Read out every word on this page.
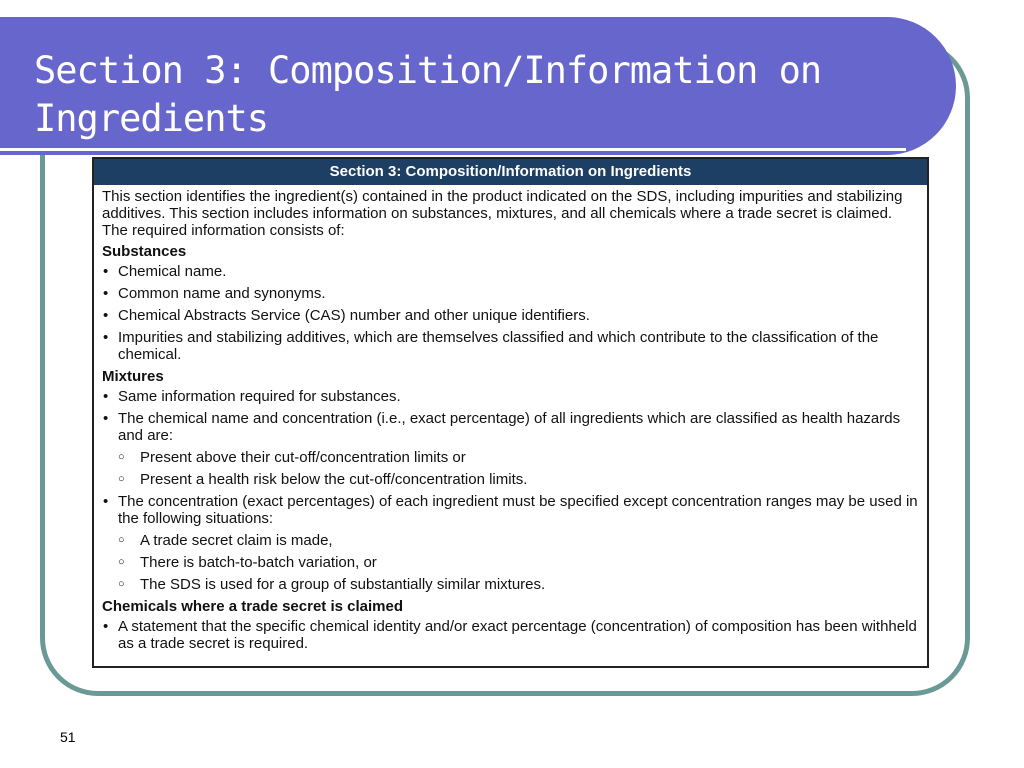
Section 3: Composition/Information on Ingredients
Section 3: Composition/Information on Ingredients

This section identifies the ingredient(s) contained in the product indicated on the SDS, including impurities and stabilizing additives. This section includes information on substances, mixtures, and all chemicals where a trade secret is claimed. The required information consists of:

Substances
• Chemical name.
• Common name and synonyms.
• Chemical Abstracts Service (CAS) number and other unique identifiers.
• Impurities and stabilizing additives, which are themselves classified and which contribute to the classification of the chemical.
Mixtures
• Same information required for substances.
• The chemical name and concentration (i.e., exact percentage) of all ingredients which are classified as health hazards and are:
○ Present above their cut-off/concentration limits or
○ Present a health risk below the cut-off/concentration limits.
• The concentration (exact percentages) of each ingredient must be specified except concentration ranges may be used in the following situations:
○ A trade secret claim is made,
○ There is batch-to-batch variation, or
○ The SDS is used for a group of substantially similar mixtures.
Chemicals where a trade secret is claimed
• A statement that the specific chemical identity and/or exact percentage (concentration) of composition has been withheld as a trade secret is required.
51
